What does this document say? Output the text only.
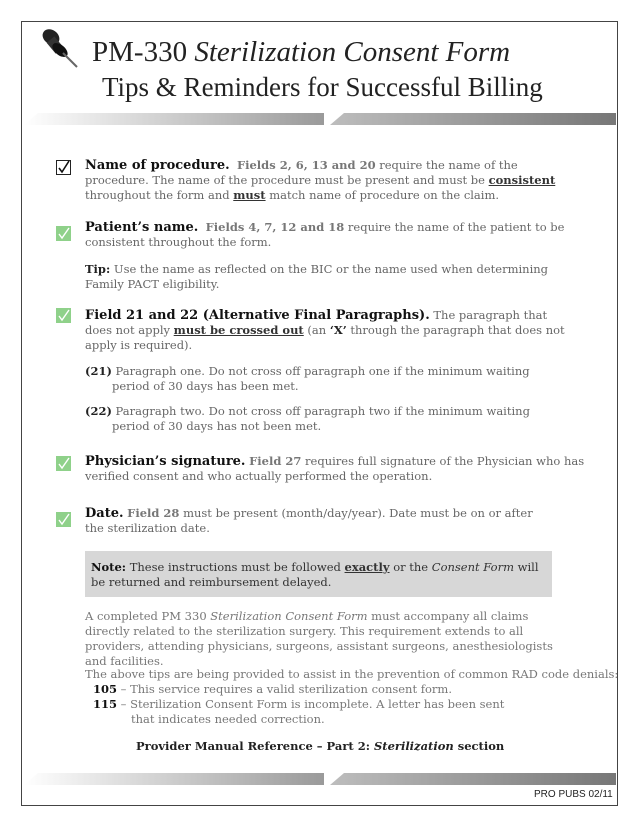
PM-330 Sterilization Consent Form
Tips & Reminders for Successful Billing
Name of procedure. Fields 2, 6, 13 and 20 require the name of the procedure. The name of the procedure must be present and must be consistent throughout the form and must match name of procedure on the claim.
Patient’s name. Fields 4, 7, 12 and 18 require the name of the patient to be consistent throughout the form.
Tip: Use the name as reflected on the BIC or the name used when determining Family PACT eligibility.
Field 21 and 22 (Alternative Final Paragraphs). The paragraph that does not apply must be crossed out (an ‘X’ through the paragraph that does not apply is required).
(21) Paragraph one. Do not cross off paragraph one if the minimum waiting
period of 30 days has been met.
(22) Paragraph two. Do not cross off paragraph two if the minimum waiting
period of 30 days has not been met.
Physician’s signature. Field 27 requires full signature of the Physician who has verified consent and who actually performed the operation.
Date. Field 28 must be present (month/day/year). Date must be on or after the sterilization date.
Note: These instructions must be followed exactly or the Consent Form will be returned and reimbursement delayed.
A completed PM 330 Sterilization Consent Form must accompany all claims directly related to the sterilization surgery. This requirement extends to all providers, attending physicians, surgeons, assistant surgeons, anesthesiologists and facilities.
The above tips are being provided to assist in the prevention of common RAD code denials:
105 – This service requires a valid sterilization consent form.
115 – Sterilization Consent Form is incomplete. A letter has been sent
that indicates needed correction.
Provider Manual Reference – Part 2: Sterilization section
PRO PUBS 02/11
